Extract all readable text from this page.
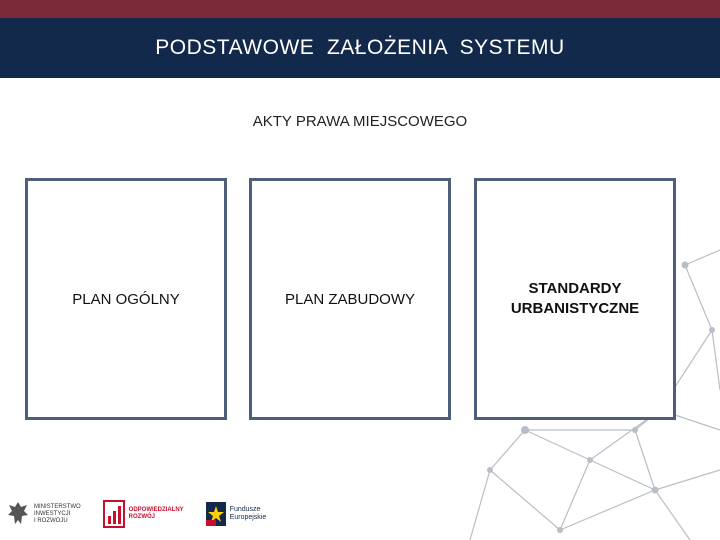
PODSTAWOWE  ZAŁOŻENIA  SYSTEMU
AKTY PRAWA MIEJSCOWEGO
PLAN OGÓLNY	PLAN ZABUDOWY
STANDARDY URBANISTYCZNE
MINISTERSTWO
INWESTYCJI
I ROZWOJU
ODPOWIEDZIALNY
ROZWÓJ
Fundusze
Europejskie
